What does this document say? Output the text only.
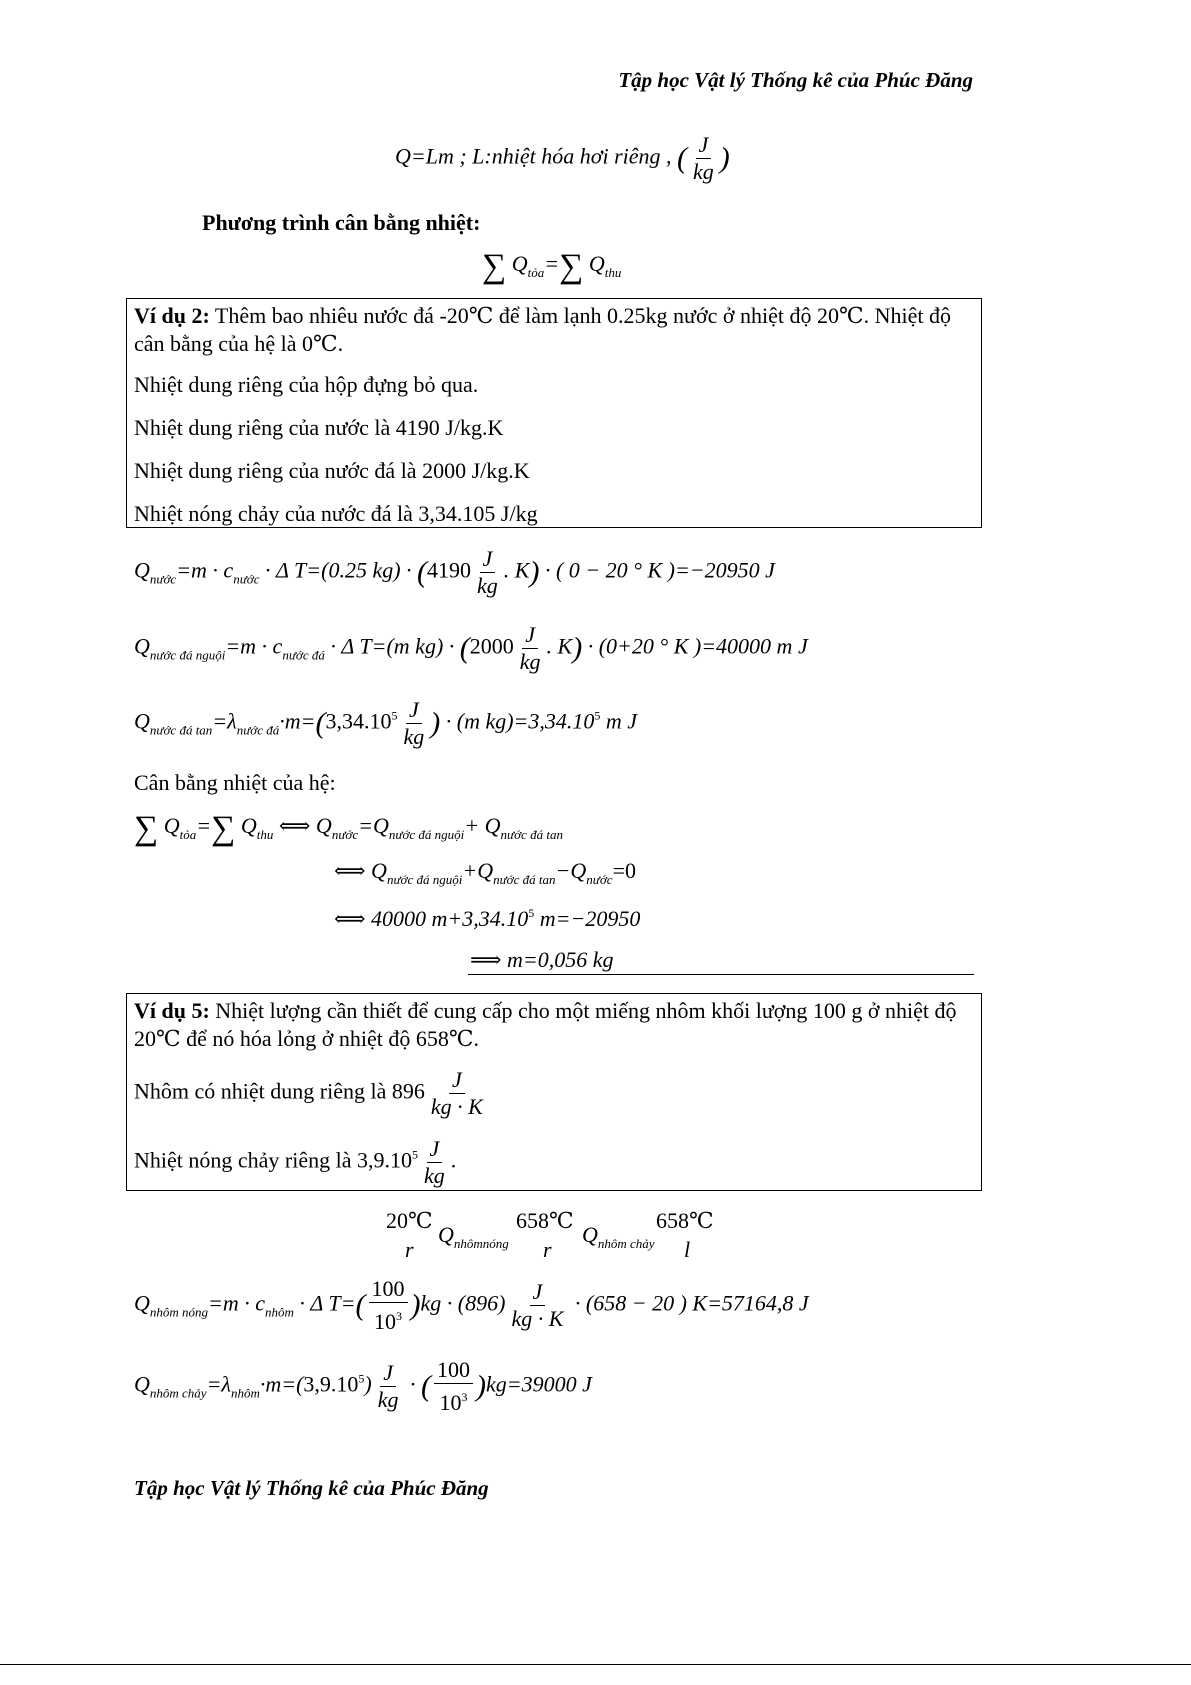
Tập học Vật lý Thống kê của Phúc Đăng
Q=Lm ; L:nhiệt hóa hơi riêng , ( $\frac{J}{kg}$ )
Phương trình cân bằng nhiệt:
∑ $Q_{tỏa}=\sum$ $Q_{thu}$
Ví dụ 2: Thêm bao nhiêu nước đá -20℃ để làm lạnh 0.25kg nước ở nhiệt độ 20℃. Nhiệt độ
cân bằng của hệ là 0℃.
Nhiệt dung riêng của hộp đựng bỏ qua.
Nhiệt dung riêng của nước là 4190 J/kg.K
Nhiệt dung riêng của nước đá là 2000 J/kg.K
Nhiệt nóng chảy của nước đá là 3,34.105 J/kg
$Q_{nước}=m \cdot c_{nước} \cdot \Delta$ T=(0.25 $kg) \cdot (4190 \frac{J}{kg}$ . K) · ( 0 − 20 ° K )=−20950 J
$Q_{nước đá nguội}=m \cdot c_{nước đá} \cdot \Delta$ T=(m $kg) \cdot (2000 \frac{J}{kg}$ . K) · (0+20 ° K )=40000 m J
$Q_{nước đá tan}=\lambda_{nước đá}\cdot m=(3,34.10^5 \frac{J}{kg}$ ) · (m $kg)=3,34.10^5$ m J
Cân bằng nhiệt của hệ:
∑ $Q_{tỏa}=\sum$ $Q_{thu}$ ⟺ $Q_{nước}=Q_{nước đá nguội}+ Q_{nước đá tan}$
⟺ $Q_{nước đá nguội}+Q_{nước đá tan}-Q_{nước}=0$
⟺ 40000 $m+3,34.10^5$ m=−20950
⟹ m=0,056 kg
Ví dụ 5: Nhiệt lượng cần thiết để cung cấp cho một miếng nhôm khối lượng 100 g ở nhiệt độ
20℃ để nó hóa lỏng ở nhiệt độ 658℃.
Nhôm có nhiệt dung riêng là $896 \frac{J}{kg \cdot K}$
Nhiệt nóng chảy riêng là $3,9.10^5 \frac{J}{kg}$ .
20℃
r
$Q_{nhômnóng}$
658℃
r
$Q_{nhôm chảy}$
658℃
l
$Q_{nhôm nóng}=m \cdot c_{nhôm} \cdot \Delta$ $T=( \frac{100}{10^3} )kg \cdot (896) \frac{J}{kg \cdot K} \cdot (658 - 20$ ) K=57164,8 J
$Q_{nhôm chảy}=\lambda_{nhôm}\cdot m=(3,9.10^5) \frac{J}{kg}$ · ( $\frac{100}{10^3} )kg=39000$ J
Tập học Vật lý Thống kê của Phúc Đăng
